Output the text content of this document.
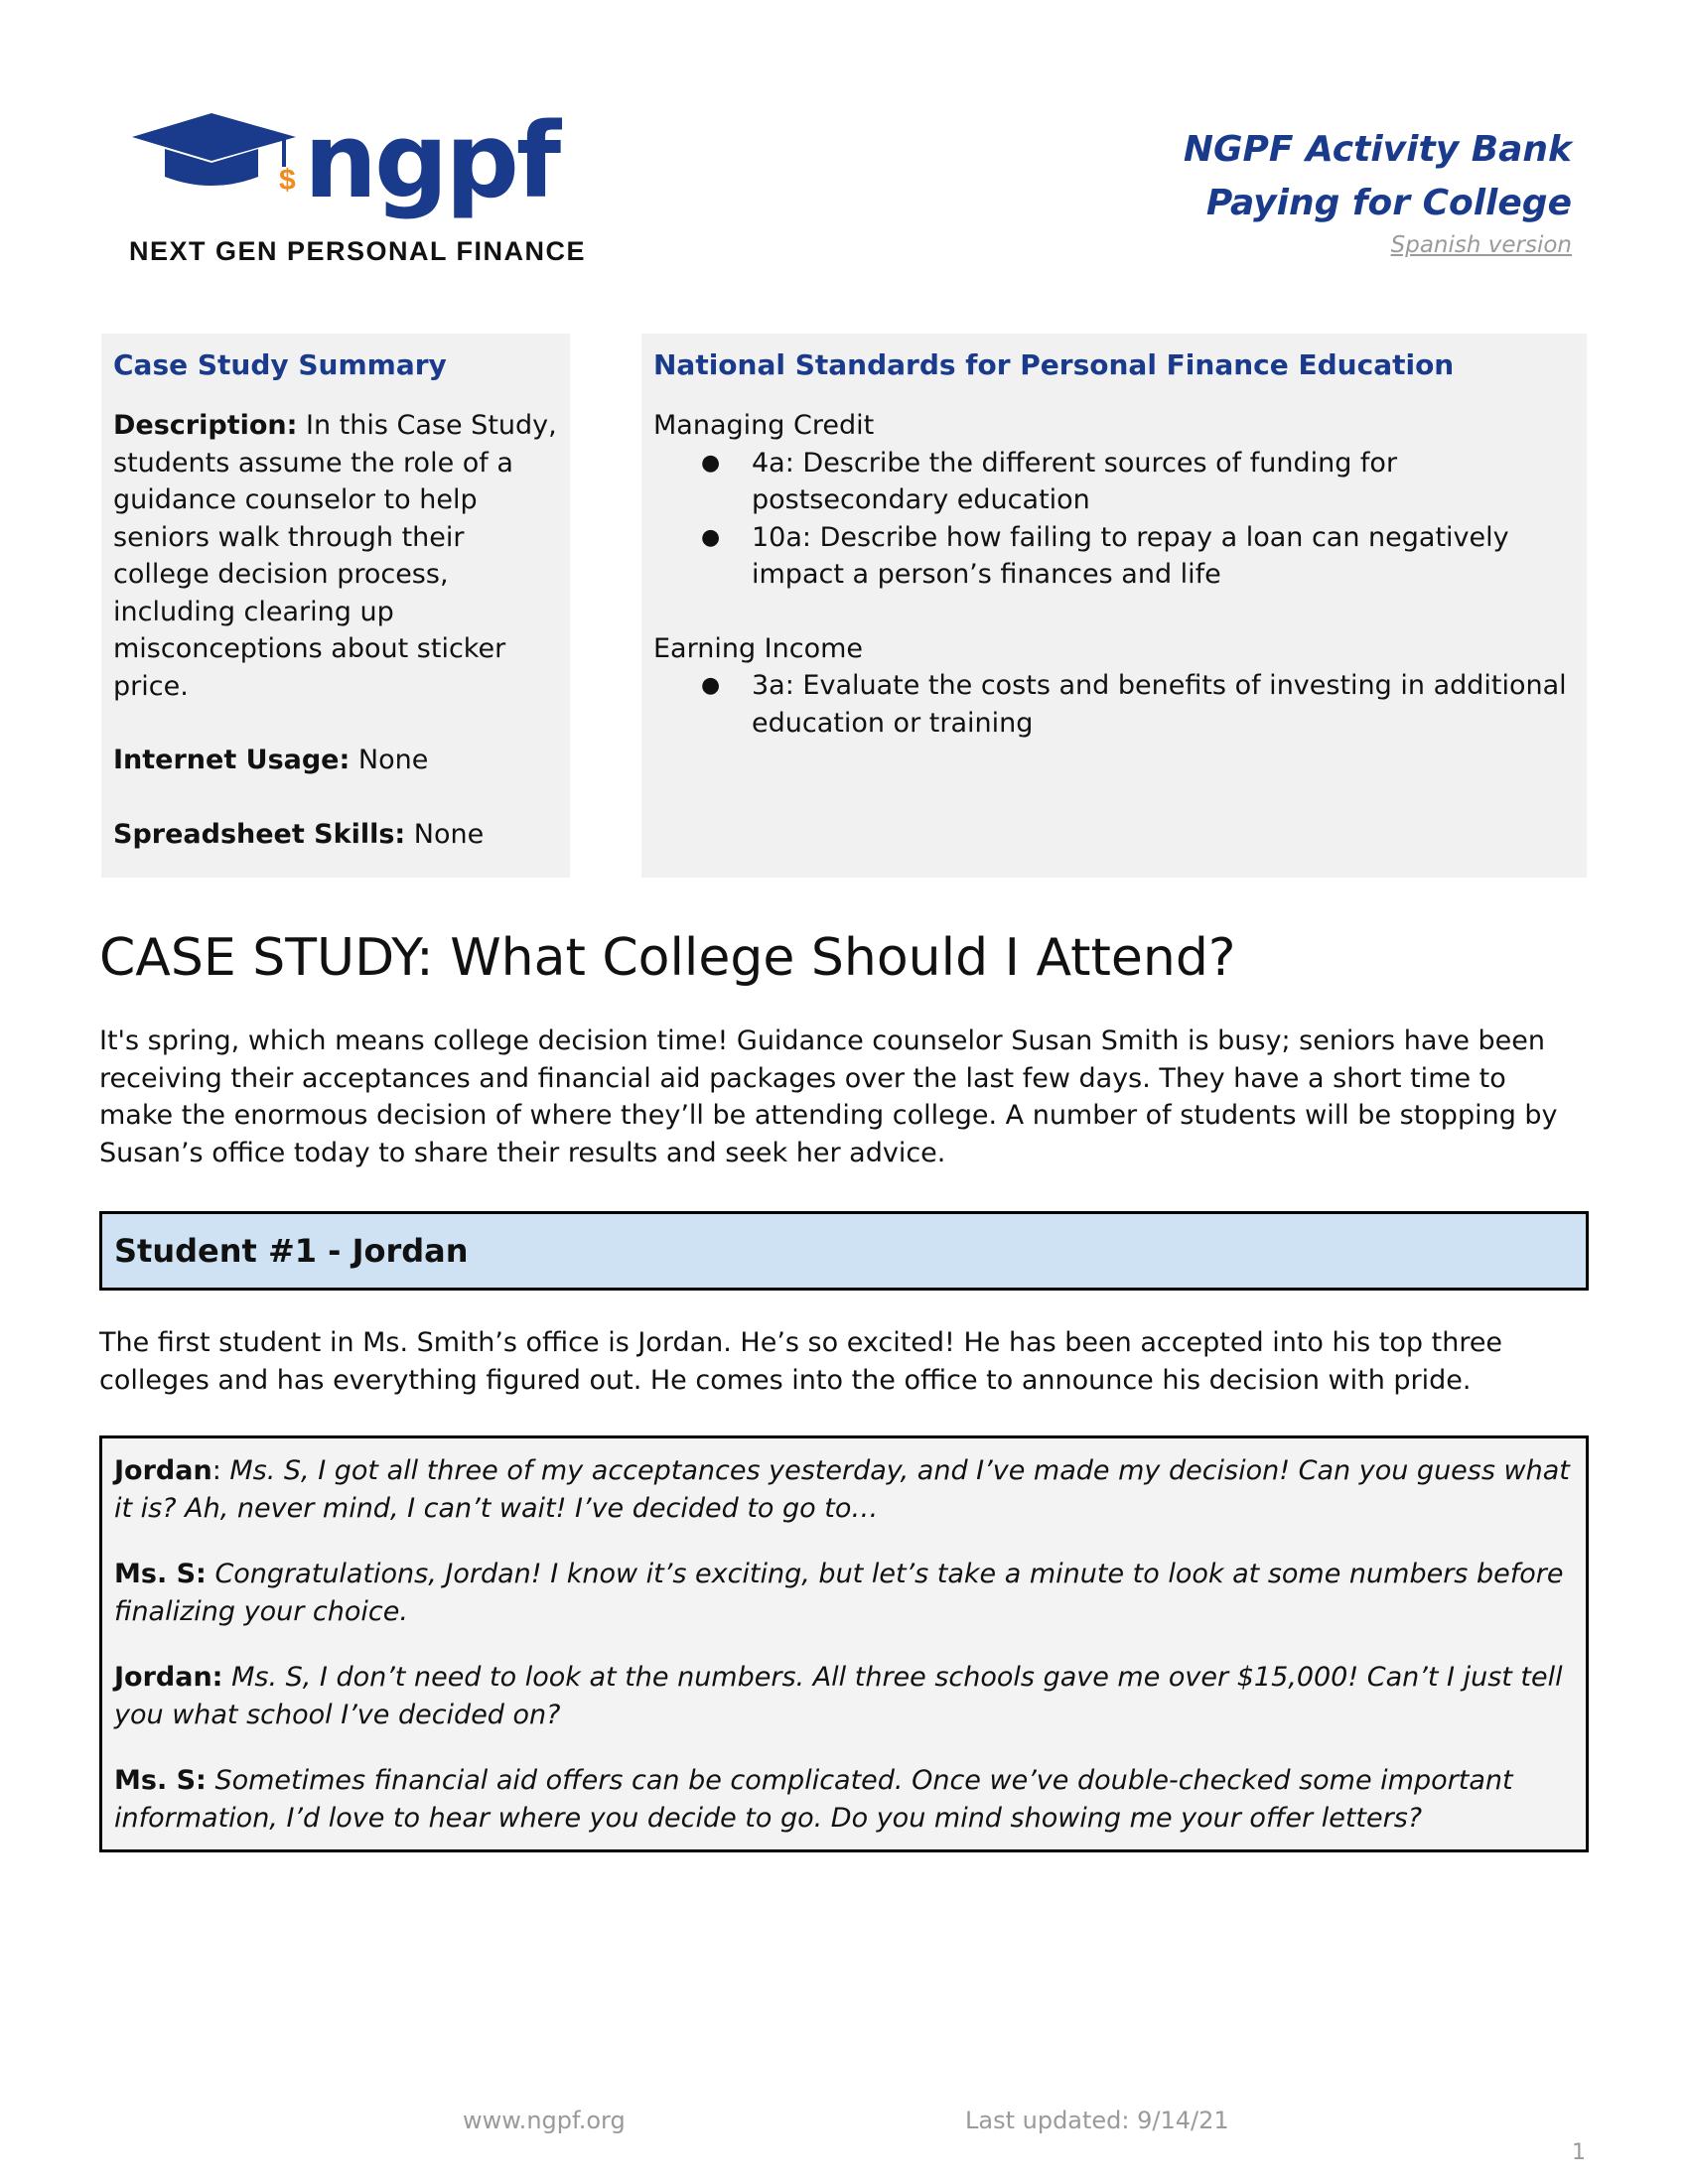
$ ngpf
NEXT GEN PERSONAL FINANCE
NGPF Activity Bank
Paying for College
Spanish version
Case Study Summary

Description: In this Case Study, students assume the role of a guidance counselor to help seniors walk through their college decision process, including clearing up misconceptions about sticker price.

Internet Usage: None

Spreadsheet Skills: None

National Standards for Personal Finance Education
Managing Credit
● 4a: Describe the different sources of funding for postsecondary education
● 10a: Describe how failing to repay a loan can negatively impact a person’s finances and life
Earning Income
● 3a: Evaluate the costs and benefits of investing in additional education or training
CASE STUDY: What College Should I Attend?

It's spring, which means college decision time! Guidance counselor Susan Smith is busy; seniors have been receiving their acceptances and financial aid packages over the last few days. They have a short time to make the enormous decision of where they’ll be attending college. A number of students will be stopping by Susan’s office today to share their results and seek her advice.

Student #1 - Jordan

The first student in Ms. Smith’s office is Jordan. He’s so excited! He has been accepted into his top three colleges and has everything figured out. He comes into the office to announce his decision with pride.

Jordan: Ms. S, I got all three of my acceptances yesterday, and I’ve made my decision! Can you guess what it is? Ah, never mind, I can’t wait! I’ve decided to go to…

Ms. S: Congratulations, Jordan! I know it’s exciting, but let’s take a minute to look at some numbers before finalizing your choice.

Jordan: Ms. S, I don’t need to look at the numbers. All three schools gave me over $15,000! Can’t I just tell you what school I’ve decided on?

Ms. S: Sometimes financial aid offers can be complicated. Once we’ve double-checked some important information, I’d love to hear where you decide to go. Do you mind showing me your offer letters?

www.ngpf.org	Last updated: 9/14/21
1
